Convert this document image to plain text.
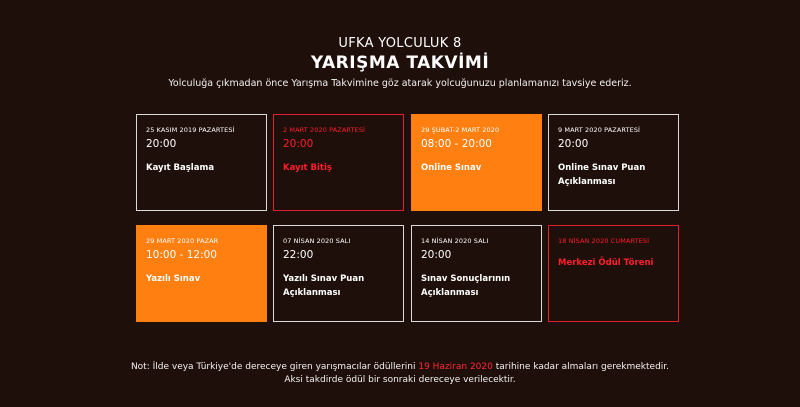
UFKA YOLCULUK 8
YARIŞMA TAKVİMİ
Yolculuğa çıkmadan önce Yarışma Takvimine göz atarak yolcuğunuzu planlamanızı tavsiye ederiz.
25 KASIM 2019 PAZARTESİ
20:00
Kayıt Başlama
2 MART 2020 PAZARTESİ
20:00
Kayıt Bitiş
29 ŞUBAT-2 MART 2020
08:00 - 20:00
Online Sınav
9 MART 2020 PAZARTESİ
20:00
Online Sınav Puan Açıklanması
29 MART 2020 PAZAR
10:00 - 12:00
Yazılı Sınav
07 NİSAN 2020 SALI
22:00
Yazılı Sınav Puan Açıklanması
14 NİSAN 2020 SALI
20:00
Sınav Sonuçlarının Açıklanması
18 NİSAN 2020 CUMARTESİ
Merkezi Ödül Töreni
Not: İlde veya Türkiye'de dereceye giren yarışmacılar ödüllerini 19 Haziran 2020 tarihine kadar almaları gerekmektedir.
Aksi takdirde ödül bir sonraki dereceye verilecektir.
